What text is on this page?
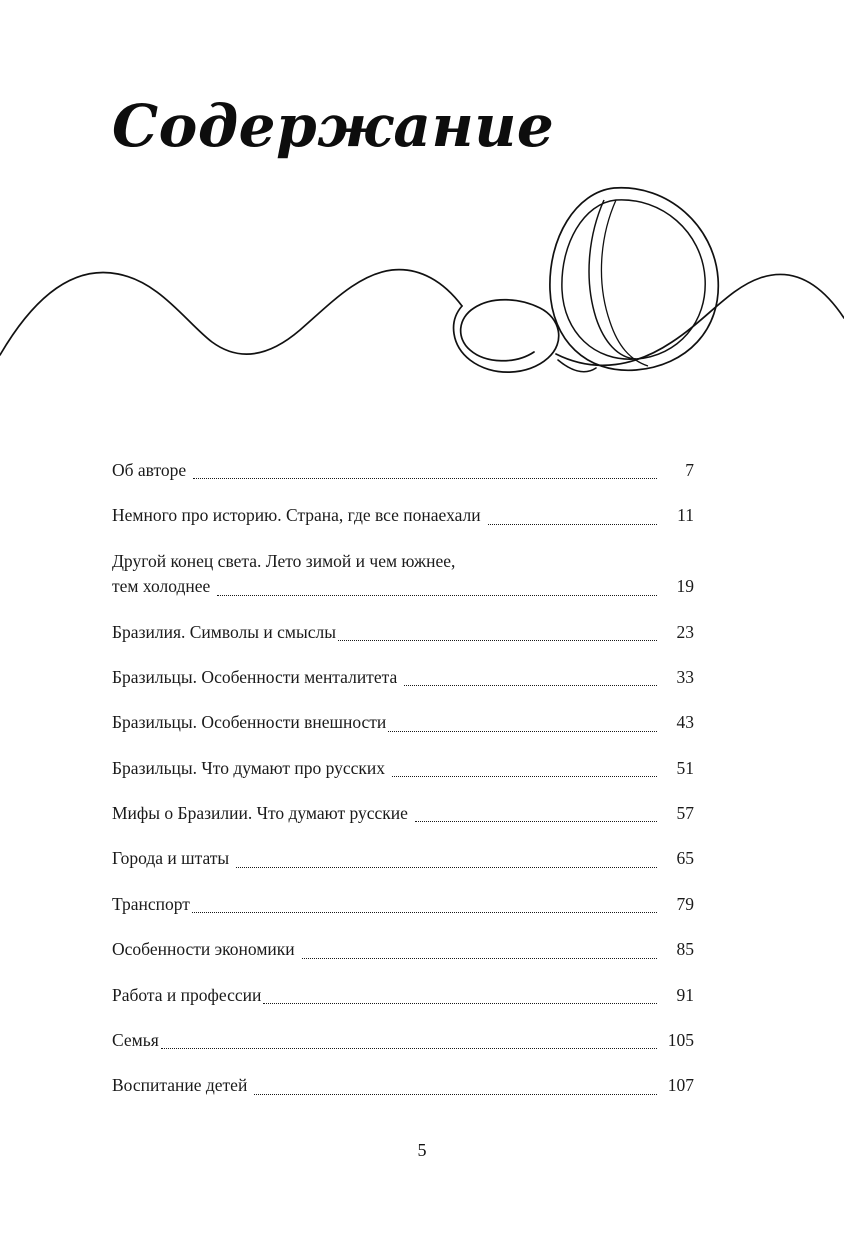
Содержание
Об авторе	7
Немного про историю. Страна, где все понаехали	11
Другой конец света. Лето зимой и чем южнее,
тем холоднее	19
Бразилия. Символы и смыслы	23
Бразильцы. Особенности менталитета	33
Бразильцы. Особенности внешности	43
Бразильцы. Что думают про русских	51
Мифы о Бразилии. Что думают русские	57
Города и штаты	65
Транспорт	79
Особенности экономики	85
Работа и профессии	91
Семья	105
Воспитание детей	107
5
